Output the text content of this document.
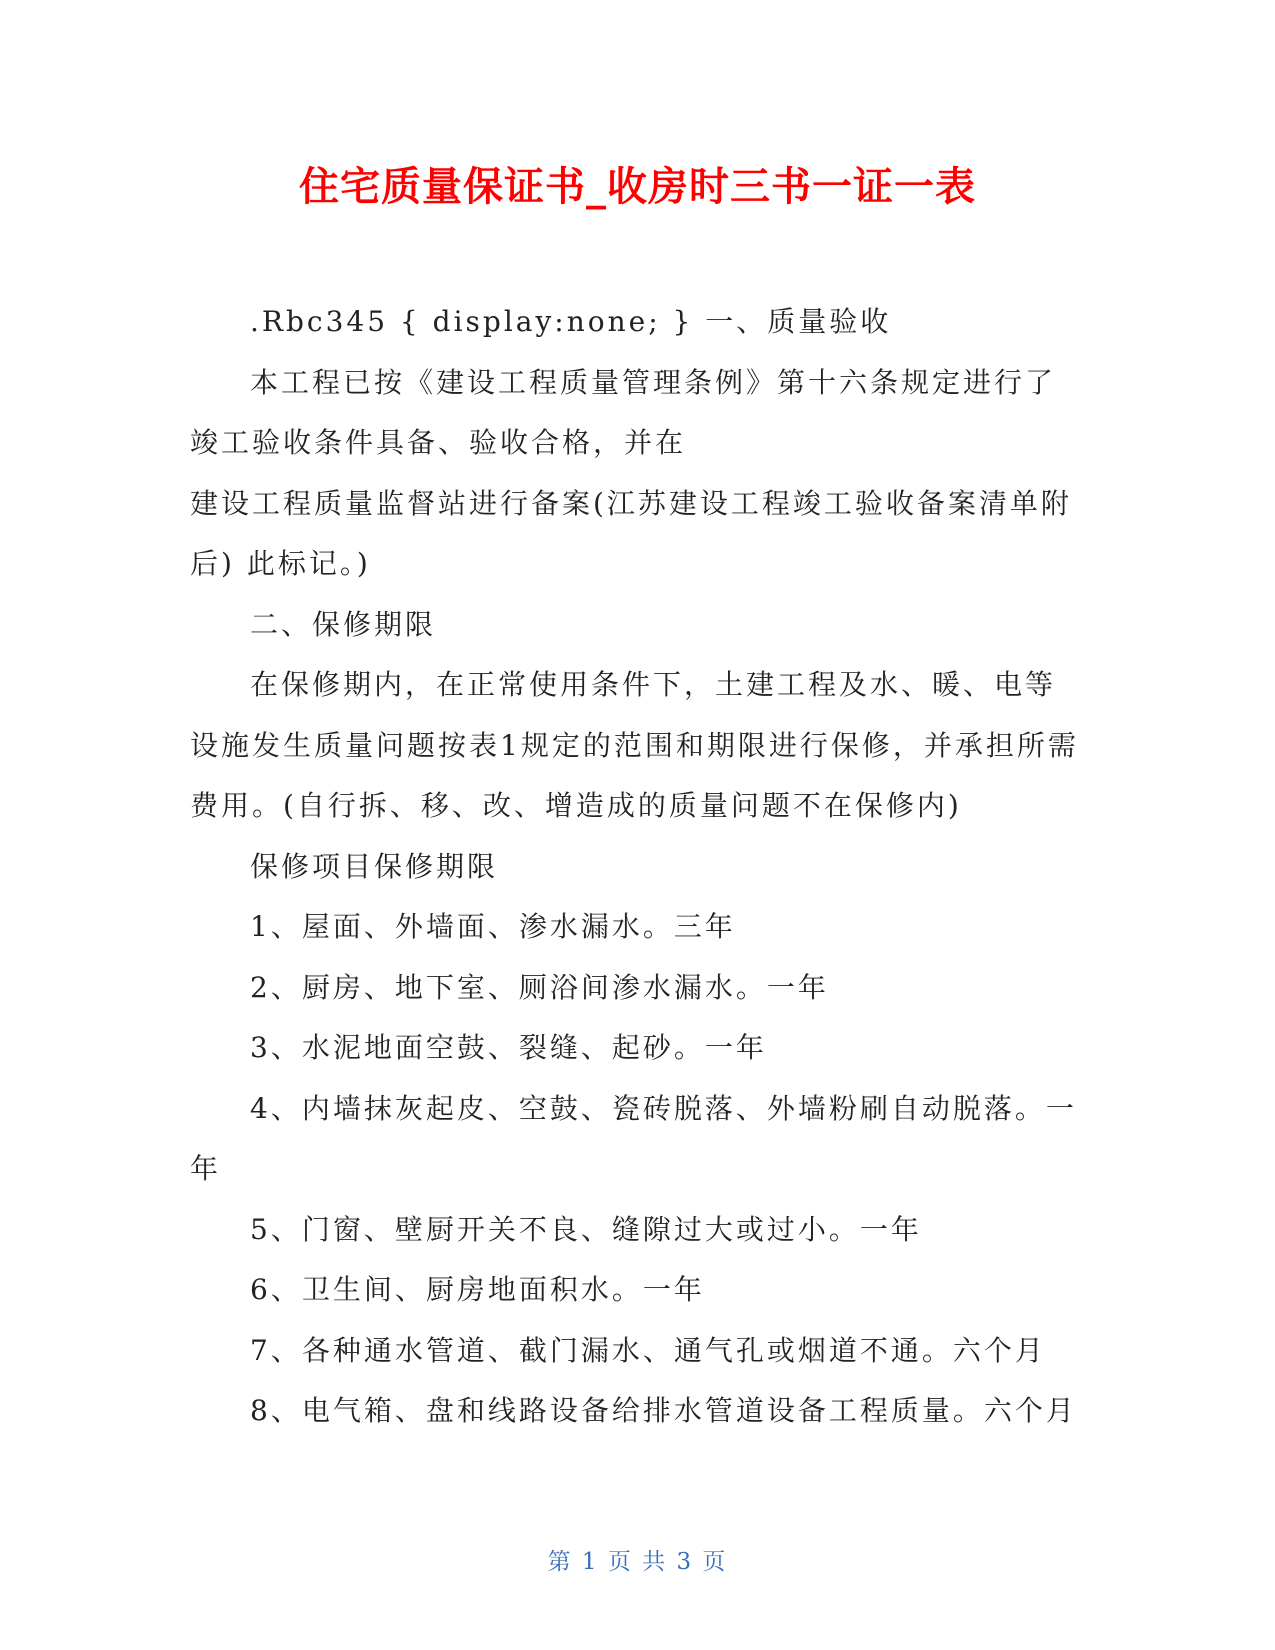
住宅质量保证书_收房时三书一证一表

.Rbc345 { display:none; } 一、质量验收

本工程已按《建设工程质量管理条例》第十六条规定进行了竣工验收条件具备、验收合格，并在

建设工程质量监督站进行备案(江苏建设工程竣工验收备案清单附后) 此标记。)

二、保修期限

在保修期内，在正常使用条件下，土建工程及水、暖、电等设施发生质量问题按表1规定的范围和期限进行保修，并承担所需费用。(自行拆、移、改、增造成的质量问题不在保修内)

保修项目保修期限

1、屋面、外墙面、渗水漏水。三年

2、厨房、地下室、厕浴间渗水漏水。一年

3、水泥地面空鼓、裂缝、起砂。一年

4、内墙抹灰起皮、空鼓、瓷砖脱落、外墙粉刷自动脱落。一年

5、门窗、壁厨开关不良、缝隙过大或过小。一年

6、卫生间、厨房地面积水。一年

7、各种通水管道、截门漏水、通气孔或烟道不通。六个月

8、电气箱、盘和线路设备给排水管道设备工程质量。六个月

第 1 页 共 3 页
